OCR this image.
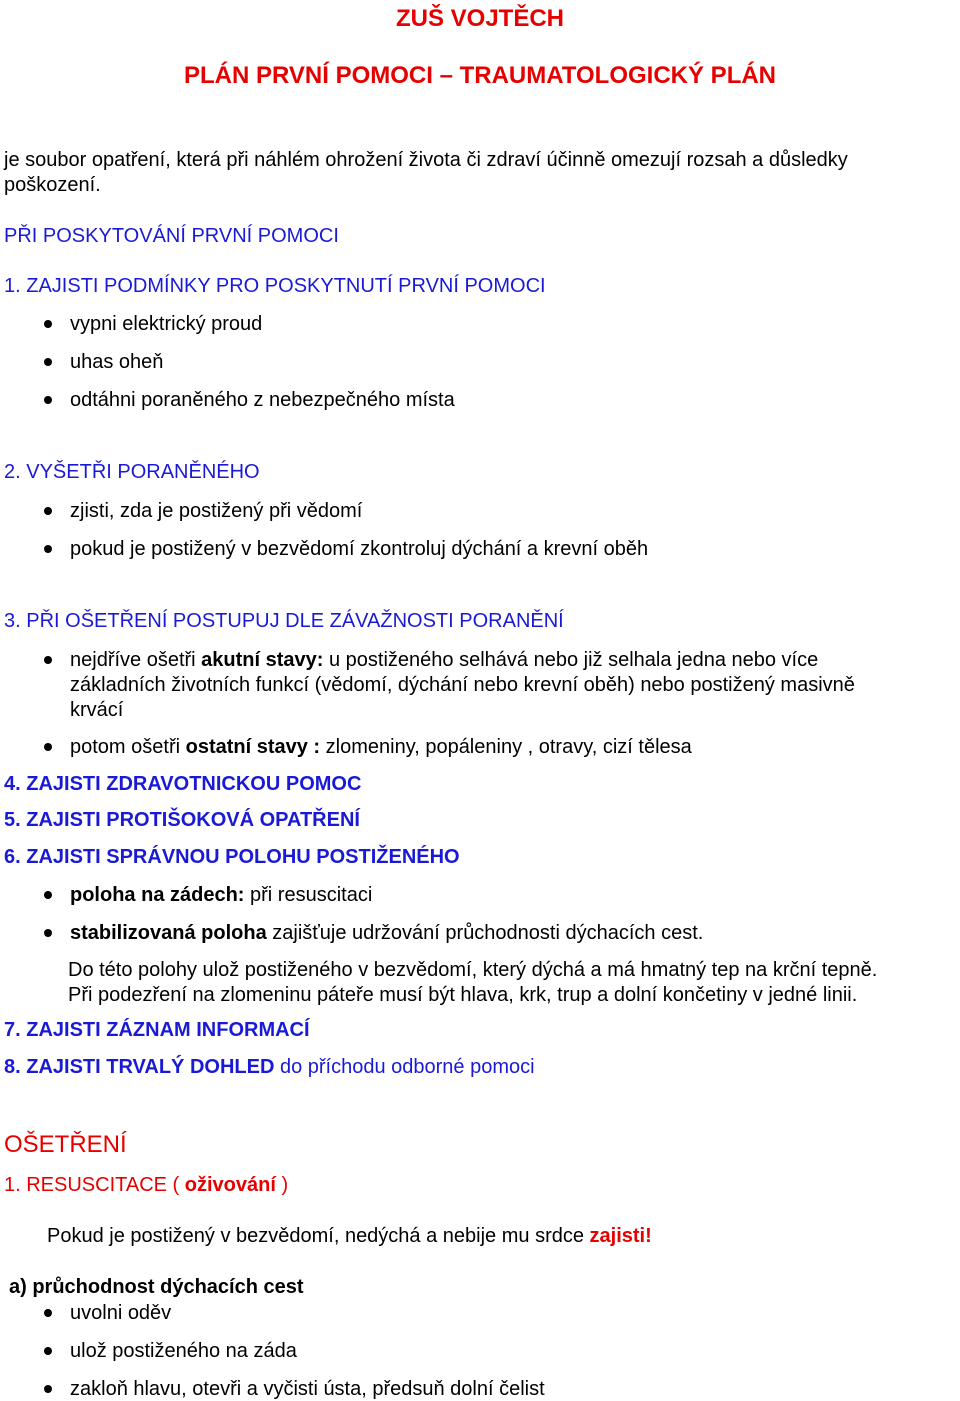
ZUŠ VOJTĚCH
PLÁN PRVNÍ POMOCI – TRAUMATOLOGICKÝ PLÁN
je soubor opatření, která při náhlém ohrožení života či zdraví účinně omezují rozsah a důsledky
poškození.
PŘI POSKYTOVÁNÍ PRVNÍ POMOCI
1. ZAJISTI PODMÍNKY PRO POSKYTNUTÍ PRVNÍ POMOCI
vypni elektrický proud
uhas oheň
odtáhni poraněného z nebezpečného místa
2. VYŠETŘI PORANĚNÉHO
zjisti, zda je postižený při vědomí
pokud je postižený v bezvědomí zkontroluj dýchání a krevní oběh
3. PŘI OŠETŘENÍ POSTUPUJ DLE ZÁVAŽNOSTI PORANĚNÍ
nejdříve ošetři akutní stavy: u postiženého selhává nebo již selhala jedna nebo více
základních životních funkcí (vědomí, dýchání nebo krevní oběh) nebo postižený masivně
krvácí
potom ošetři ostatní stavy : zlomeniny, popáleniny , otravy, cizí tělesa
4. ZAJISTI ZDRAVOTNICKOU POMOC
5. ZAJISTI PROTIŠOKOVÁ OPATŘENÍ
6. ZAJISTI SPRÁVNOU POLOHU POSTIŽENÉHO
poloha na zádech: při resuscitaci
stabilizovaná poloha zajišťuje udržování průchodnosti dýchacích cest.
Do této polohy ulož postiženého v bezvědomí, který dýchá a má hmatný tep na krční tepně.
Při podezření na zlomeninu páteře musí být hlava, krk, trup a dolní končetiny v jedné linii.
7. ZAJISTI ZÁZNAM INFORMACÍ
8. ZAJISTI TRVALÝ DOHLED do příchodu odborné pomoci
OŠETŘENÍ
1. RESUSCITACE ( oživování )
Pokud je postižený v bezvědomí, nedýchá a nebije mu srdce zajisti!
a) průchodnost dýchacích cest
uvolni oděv
ulož postiženého na záda
zakloň hlavu, otevři a vyčisti ústa, předsuň dolní čelist
